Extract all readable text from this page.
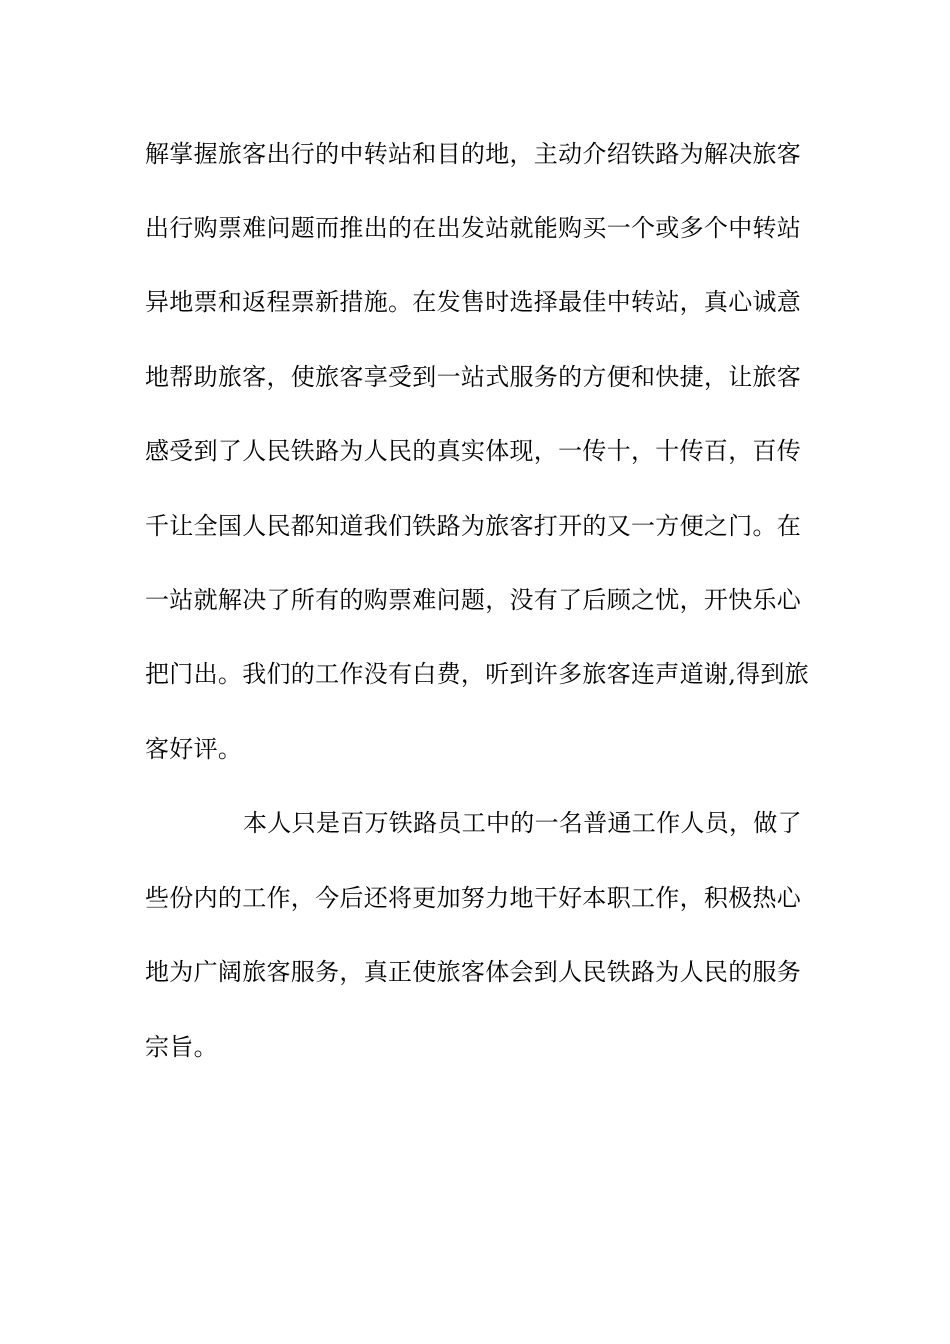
解掌握旅客出行的中转站和目的地，主动介绍铁路为解决旅客
出行购票难问题而推出的在出发站就能购买一个或多个中转站
异地票和返程票新措施。在发售时选择最佳中转站，真心诚意
地帮助旅客，使旅客享受到一站式服务的方便和快捷，让旅客
感受到了人民铁路为人民的真实体现，一传十，十传百，百传
千让全国人民都知道我们铁路为旅客打开的又一方便之门。在
一站就解决了所有的购票难问题，没有了后顾之忧，开快乐心
把门出。我们的工作没有白费，听到许多旅客连声道谢,得到旅
客好评。
本人只是百万铁路员工中的一名普通工作人员，做了
些份内的工作，今后还将更加努力地干好本职工作，积极热心
地为广阔旅客服务，真正使旅客体会到人民铁路为人民的服务
宗旨。
